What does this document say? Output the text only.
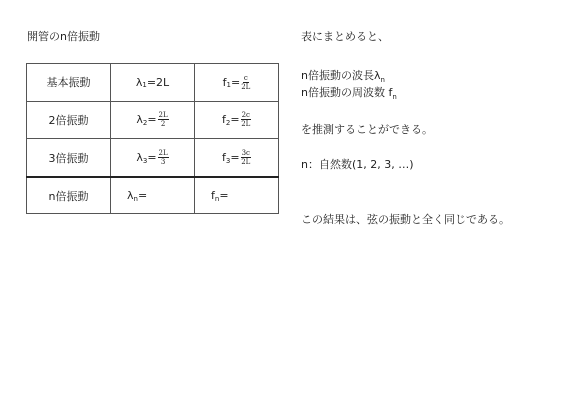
開管のn倍振動
基本振動	λ 1 =2L	f $1 = \frac{c}{2L}$

2倍振動	λ $2 = \frac{2L}{2}$	f $2 = \frac{2c}{2L}$

3倍振動	λ $3 = \frac{2L}{3}$	f $3 = \frac{3c}{2L}$

n倍振動	λ n =	f n =
表にまとめると、
n倍振動の波長$\lambda_n$
n倍振動の周波数 $f_n$
を推測することができる。
n：自然数(1, 2, 3, …)
この結果は、弦の振動と全く同じである。
